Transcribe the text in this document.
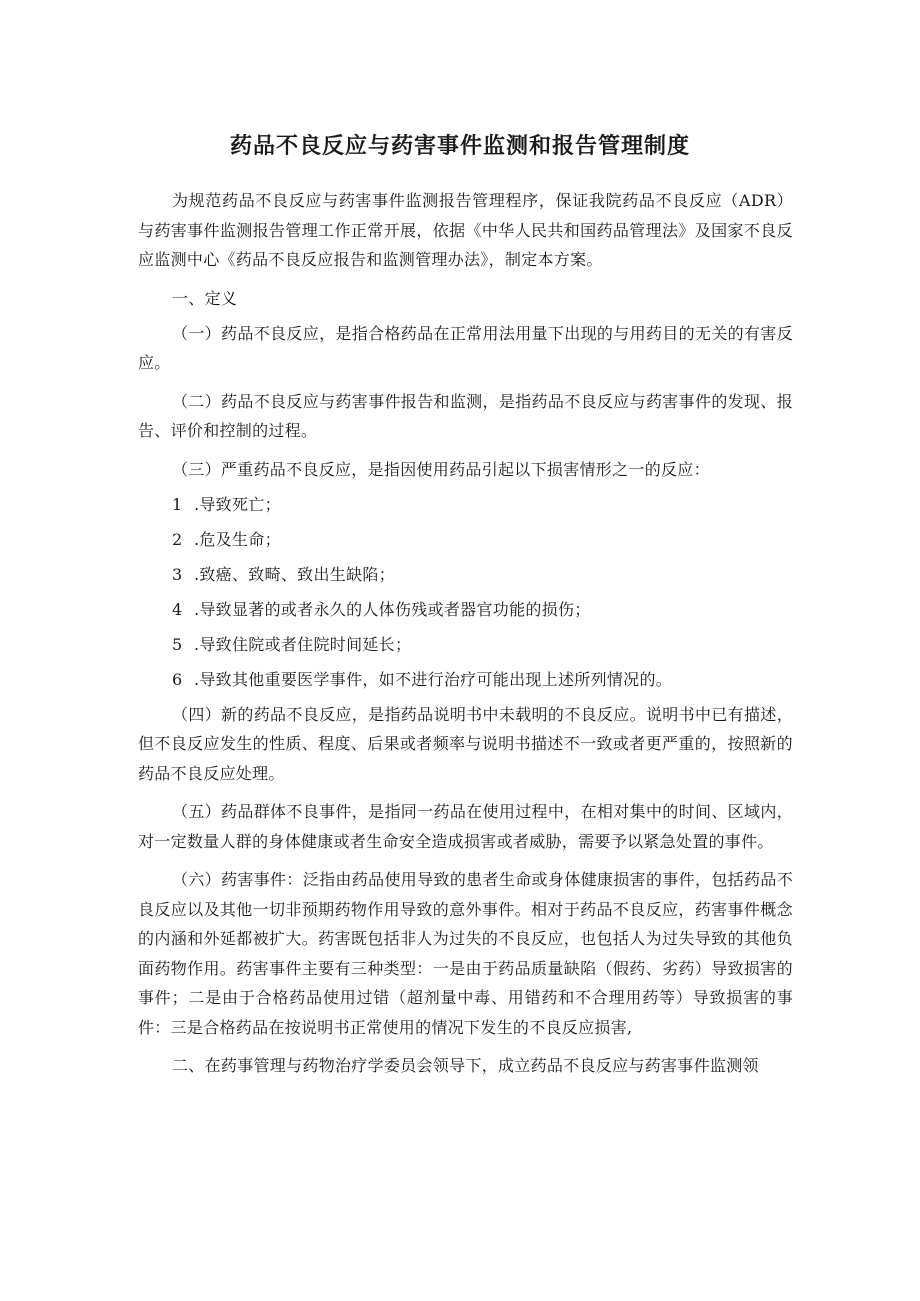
药品不良反应与药害事件监测和报告管理制度

为规范药品不良反应与药害事件监测报告管理程序，保证我院药品不良反应（ADR）与药害事件监测报告管理工作正常开展，依据《中华人民共和国药品管理法》及国家不良反应监测中心《药品不良反应报告和监测管理办法》，制定本方案。

一、定义

（一）药品不良反应，是指合格药品在正常用法用量下出现的与用药目的无关的有害反应。

（二）药品不良反应与药害事件报告和监测，是指药品不良反应与药害事件的发现、报告、评价和控制的过程。

（三）严重药品不良反应，是指因使用药品引起以下损害情形之一的反应：

1 .导致死亡；
2 .危及生命；
3 .致癌、致畸、致出生缺陷；
4 .导致显著的或者永久的人体伤残或者器官功能的损伤；
5 .导致住院或者住院时间延长；
6 .导致其他重要医学事件，如不进行治疗可能出现上述所列情况的。

（四）新的药品不良反应，是指药品说明书中未载明的不良反应。说明书中已有描述，但不良反应发生的性质、程度、后果或者频率与说明书描述不一致或者更严重的，按照新的药品不良反应处理。

（五）药品群体不良事件，是指同一药品在使用过程中，在相对集中的时间、区域内，对一定数量人群的身体健康或者生命安全造成损害或者威胁，需要予以紧急处置的事件。

（六）药害事件：泛指由药品使用导致的患者生命或身体健康损害的事件，包括药品不良反应以及其他一切非预期药物作用导致的意外事件。相对于药品不良反应，药害事件概念的内涵和外延都被扩大。药害既包括非人为过失的不良反应，也包括人为过失导致的其他负面药物作用。药害事件主要有三种类型：一是由于药品质量缺陷（假药、劣药）导致损害的事件；二是由于合格药品使用过错（超剂量中毒、用错药和不合理用药等）导致损害的事件：三是合格药品在按说明书正常使用的情况下发生的不良反应损害,

二、在药事管理与药物治疗学委员会领导下，成立药品不良反应与药害事件监测领
